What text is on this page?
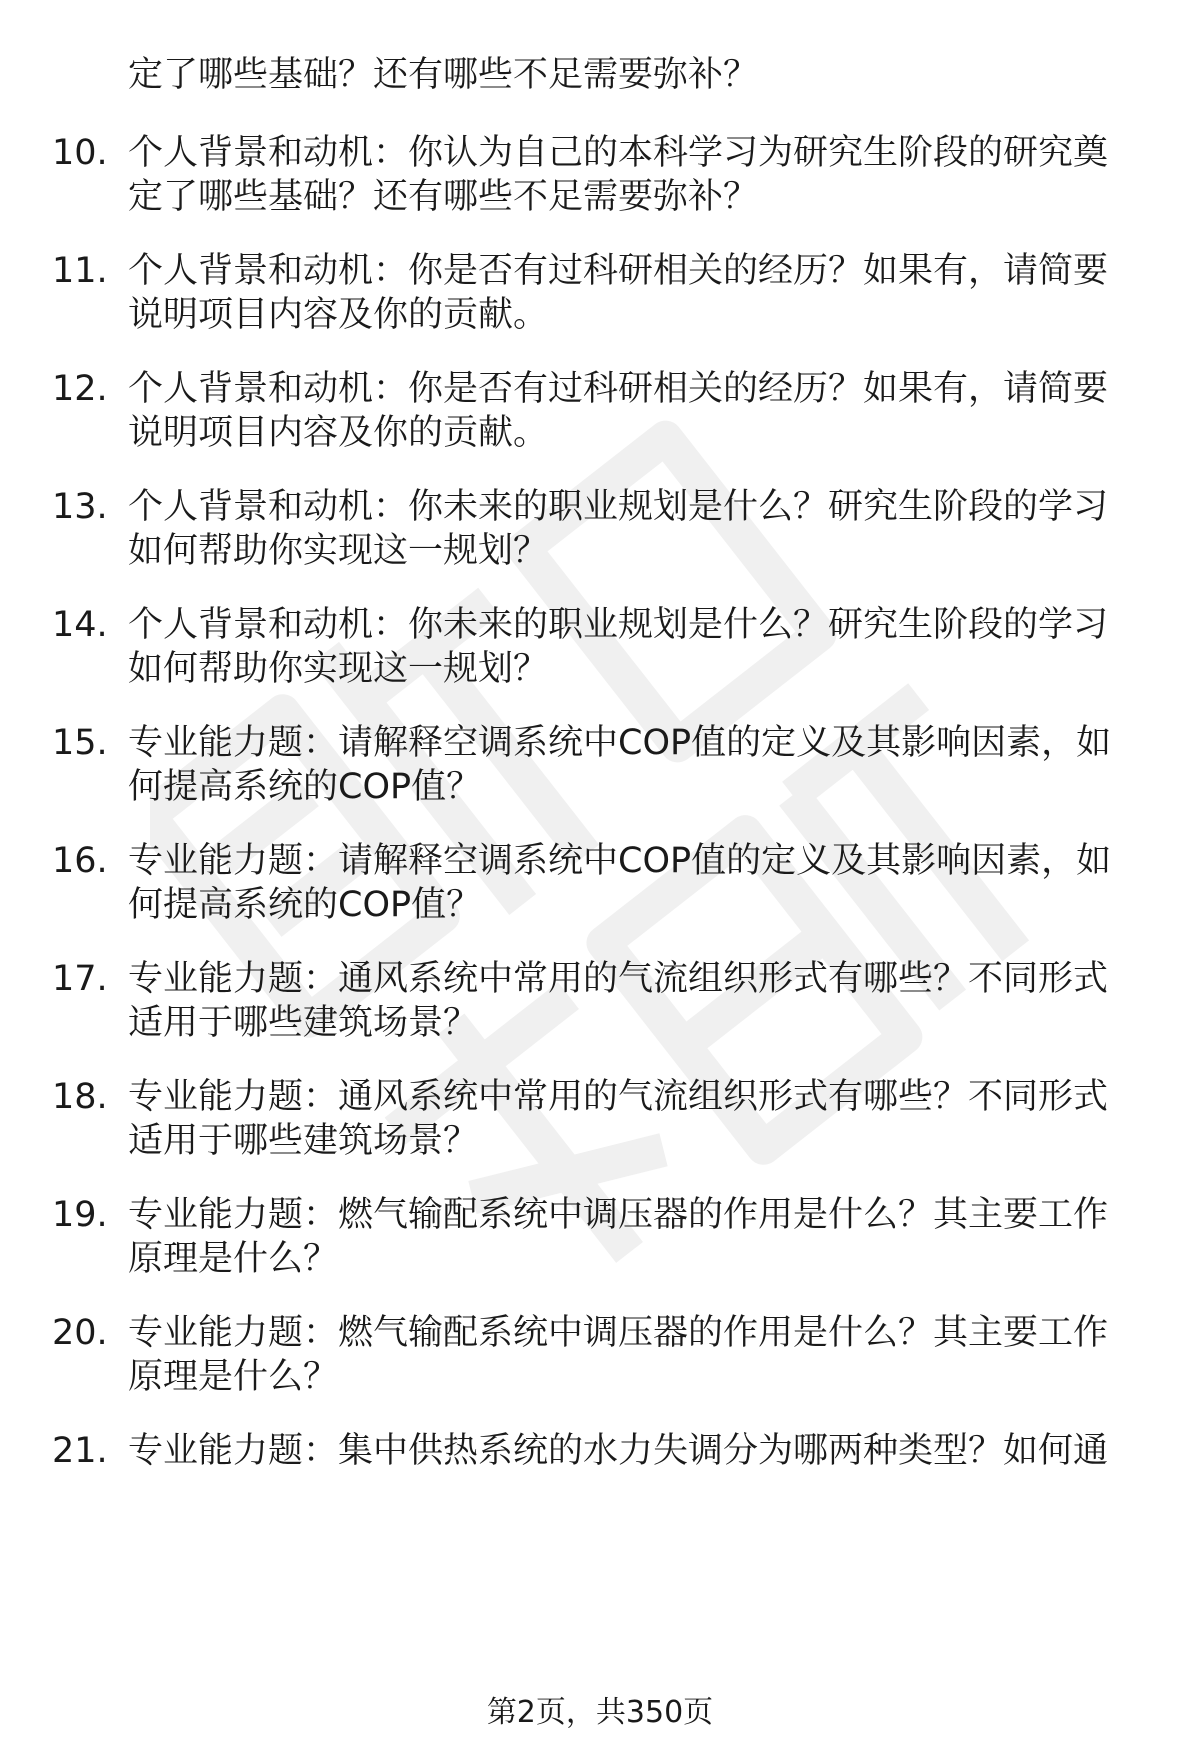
定了哪些基础？还有哪些不足需要弥补？
10. 个人背景和动机：你认为自己的本科学习为研究生阶段的研究奠
定了哪些基础？还有哪些不足需要弥补？
11. 个人背景和动机：你是否有过科研相关的经历？如果有，请简要
说明项目内容及你的贡献。
12. 个人背景和动机：你是否有过科研相关的经历？如果有，请简要
说明项目内容及你的贡献。
13. 个人背景和动机：你未来的职业规划是什么？研究生阶段的学习
如何帮助你实现这一规划？
14. 个人背景和动机：你未来的职业规划是什么？研究生阶段的学习
如何帮助你实现这一规划？
15. 专业能力题：请解释空调系统中COP值的定义及其影响因素，如
何提高系统的COP值？
16. 专业能力题：请解释空调系统中COP值的定义及其影响因素，如
何提高系统的COP值？
17. 专业能力题：通风系统中常用的气流组织形式有哪些？不同形式
适用于哪些建筑场景？
18. 专业能力题：通风系统中常用的气流组织形式有哪些？不同形式
适用于哪些建筑场景？
19. 专业能力题：燃气输配系统中调压器的作用是什么？其主要工作
原理是什么？
20. 专业能力题：燃气输配系统中调压器的作用是什么？其主要工作
原理是什么？
21. 专业能力题：集中供热系统的水力失调分为哪两种类型？如何通
第2页，共350页
